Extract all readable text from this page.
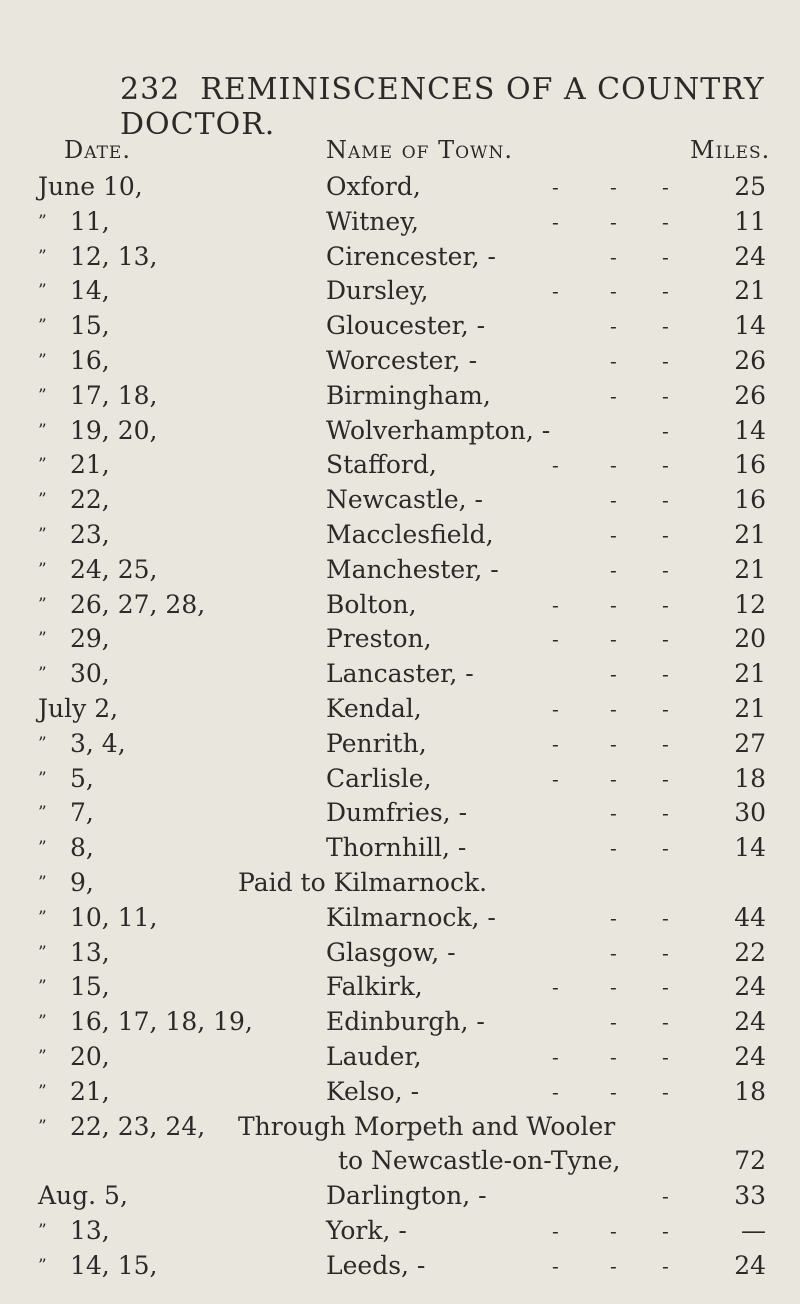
232 REMINISCENCES OF A COUNTRY DOCTOR.
Date.	Name of Town.	Miles.
June 10,	Oxford,	-	- -	25
” 11,	Witney,	-	- -	11
” 12, 13,	Cirencester, -	- -	24
” 14,	Dursley,	-	- -	21
” 15,	Gloucester, -	- -	14
” 16,	Worcester, -	- -	26
” 17, 18,	Birmingham,	- -	26
” 19, 20,	Wolverhampton, -	-	14
” 21,	Stafford,	-	- -	16
” 22,	Newcastle, -	- -	16
” 23,	Macclesfield,	- -	21
” 24, 25,	Manchester, -	- -	21
” 26, 27, 28,	Bolton,	-	- -	12
” 29,	Preston,	-	- -	20
” 30,	Lancaster, -	- -	21
July 2,	Kendal,	-	- -	21
” 3, 4,	Penrith,	-	- -	27
” 5,	Carlisle,	-	- -	18
” 7,	Dumfries, -	- -	30
” 8,	Thornhill, -	- -	14
” 9,	Paid to Kilmarnock.
” 10, 11,	Kilmarnock, -	- -	44
” 13,	Glasgow, -	- -	22
” 15,	Falkirk,	-	- -	24
” 16, 17, 18, 19,	Edinburgh, -	- -	24
” 20,	Lauder,	-	- -	24
” 21,	Kelso, -	-	- -	18
” 22, 23, 24, Through Morpeth and Wooler
to Newcastle-on-Tyne,	72
Aug. 5,	Darlington, -	-	33
” 13,	York, -	-	- -	—
” 14, 15,	Leeds, -	-	- -	24
